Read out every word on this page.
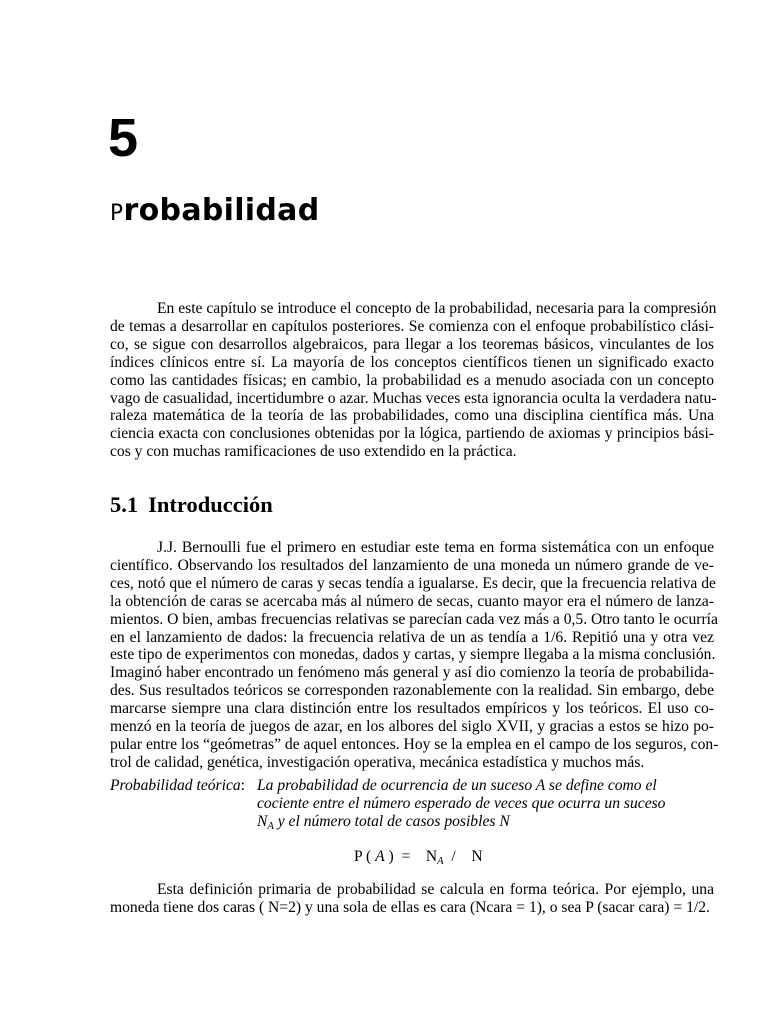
5
Probabilidad
En este capítulo se introduce el concepto de la probabilidad, necesaria para la compresión
de temas a desarrollar en capítulos posteriores. Se comienza con el enfoque probabilístico clási-
co, se sigue con desarrollos algebraicos, para llegar a los teoremas básicos, vinculantes de los
índices clínicos entre sí. La mayoría de los conceptos científicos tienen un significado exacto
como las cantidades físicas; en cambio, la probabilidad es a menudo asociada con un concepto
vago de casualidad, incertidumbre o azar. Muchas veces esta ignorancia oculta la verdadera natu-
raleza matemática de la teoría de las probabilidades, como una disciplina científica más. Una
ciencia exacta con conclusiones obtenidas por la lógica, partiendo de axiomas y principios bási-
cos y con muchas ramificaciones de uso extendido en la práctica.
5.1 Introducción
J.J. Bernoulli fue el primero en estudiar este tema en forma sistemática con un enfoque
científico. Observando los resultados del lanzamiento de una moneda un número grande de ve-
ces, notó que el número de caras y secas tendía a igualarse. Es decir, que la frecuencia relativa de
la obtención de caras se acercaba más al número de secas, cuanto mayor era el número de lanza-
mientos. O bien, ambas frecuencias relativas se parecían cada vez más a 0,5. Otro tanto le ocurría
en el lanzamiento de dados: la frecuencia relativa de un as tendía a 1/6. Repitió una y otra vez
este tipo de experimentos con monedas, dados y cartas, y siempre llegaba a la misma conclusión.
Imaginó haber encontrado un fenómeno más general y así dio comienzo la teoría de probabilida-
des. Sus resultados teóricos se corresponden razonablemente con la realidad. Sin embargo, debe
marcarse siempre una clara distinción entre los resultados empíricos y los teóricos. El uso co-
menzó en la teoría de juegos de azar, en los albores del siglo XVII, y gracias a estos se hizo po-
pular entre los “geómetras” de aquel entonces. Hoy se la emplea en el campo de los seguros, con-
trol de calidad, genética, investigación operativa, mecánica estadística y muchos más.
Probabilidad teórica: La probabilidad de ocurrencia de un suceso A se define como el
cociente entre el número esperado de veces que ocurra un suceso
$N_A$ y el número total de casos posibles N
P ( A )  =    $N_A$  /    N
Esta definición primaria de probabilidad se calcula en forma teórica. Por ejemplo, una
moneda tiene dos caras ( N=2) y una sola de ellas es cara (Ncara = 1), o sea P (sacar cara) = 1/2.
